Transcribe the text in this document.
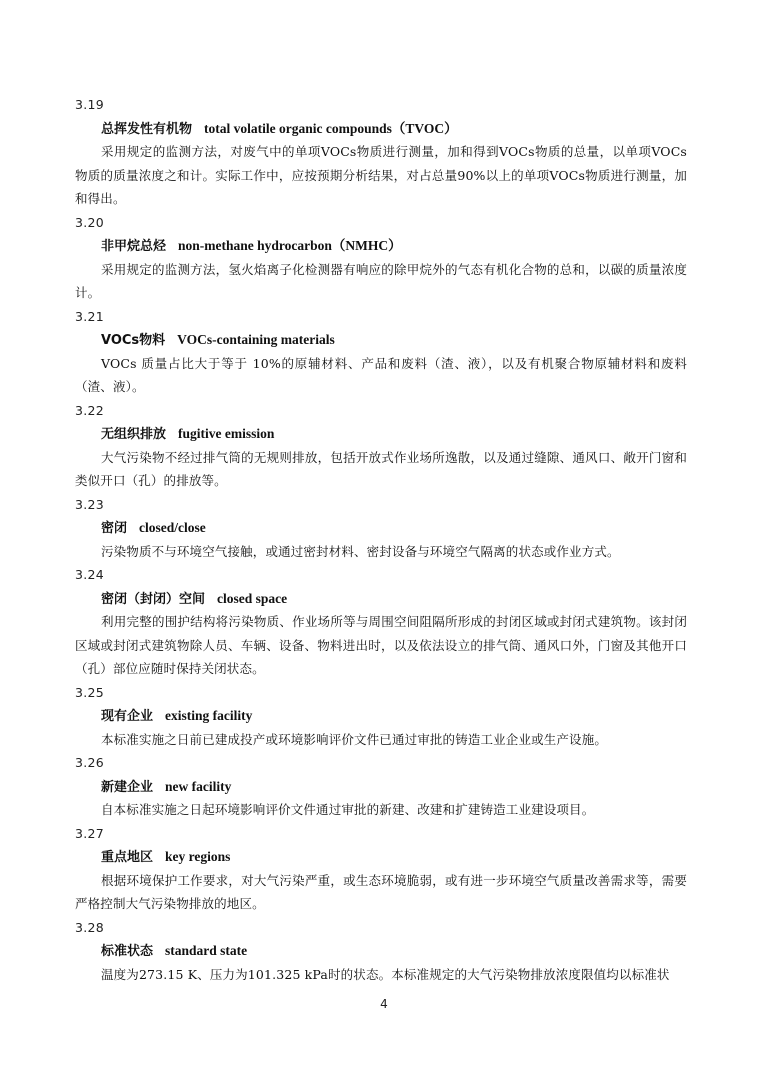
3.19
总挥发性有机物 total volatile organic compounds（TVOC）
采用规定的监测方法，对废气中的单项VOCs物质进行测量，加和得到VOCs物质的总量，以单项VOCs物质的质量浓度之和计。实际工作中，应按预期分析结果，对占总量90%以上的单项VOCs物质进行测量，加和得出。
3.20
非甲烷总烃 non-methane hydrocarbon（NMHC）
采用规定的监测方法，氢火焰离子化检测器有响应的除甲烷外的气态有机化合物的总和，以碳的质量浓度计。
3.21
VOCs物料 VOCs-containing materials
VOCs 质量占比大于等于 10%的原辅材料、产品和废料（渣、液），以及有机聚合物原辅材料和废料（渣、液）。
3.22
无组织排放 fugitive emission
大气污染物不经过排气筒的无规则排放，包括开放式作业场所逸散，以及通过缝隙、通风口、敞开门窗和类似开口（孔）的排放等。
3.23
密闭 closed/close
污染物质不与环境空气接触，或通过密封材料、密封设备与环境空气隔离的状态或作业方式。
3.24
密闭（封闭）空间 closed space
利用完整的围护结构将污染物质、作业场所等与周围空间阻隔所形成的封闭区域或封闭式建筑物。该封闭区域或封闭式建筑物除人员、车辆、设备、物料进出时，以及依法设立的排气筒、通风口外，门窗及其他开口（孔）部位应随时保持关闭状态。
3.25
现有企业 existing facility
本标准实施之日前已建成投产或环境影响评价文件已通过审批的铸造工业企业或生产设施。
3.26
新建企业 new facility
自本标准实施之日起环境影响评价文件通过审批的新建、改建和扩建铸造工业建设项目。
3.27
重点地区 key regions
根据环境保护工作要求，对大气污染严重，或生态环境脆弱，或有进一步环境空气质量改善需求等，需要严格控制大气污染物排放的地区。
3.28
标准状态 standard state
温度为273.15 K、压力为101.325 kPa时的状态。本标准规定的大气污染物排放浓度限值均以标准状
4
